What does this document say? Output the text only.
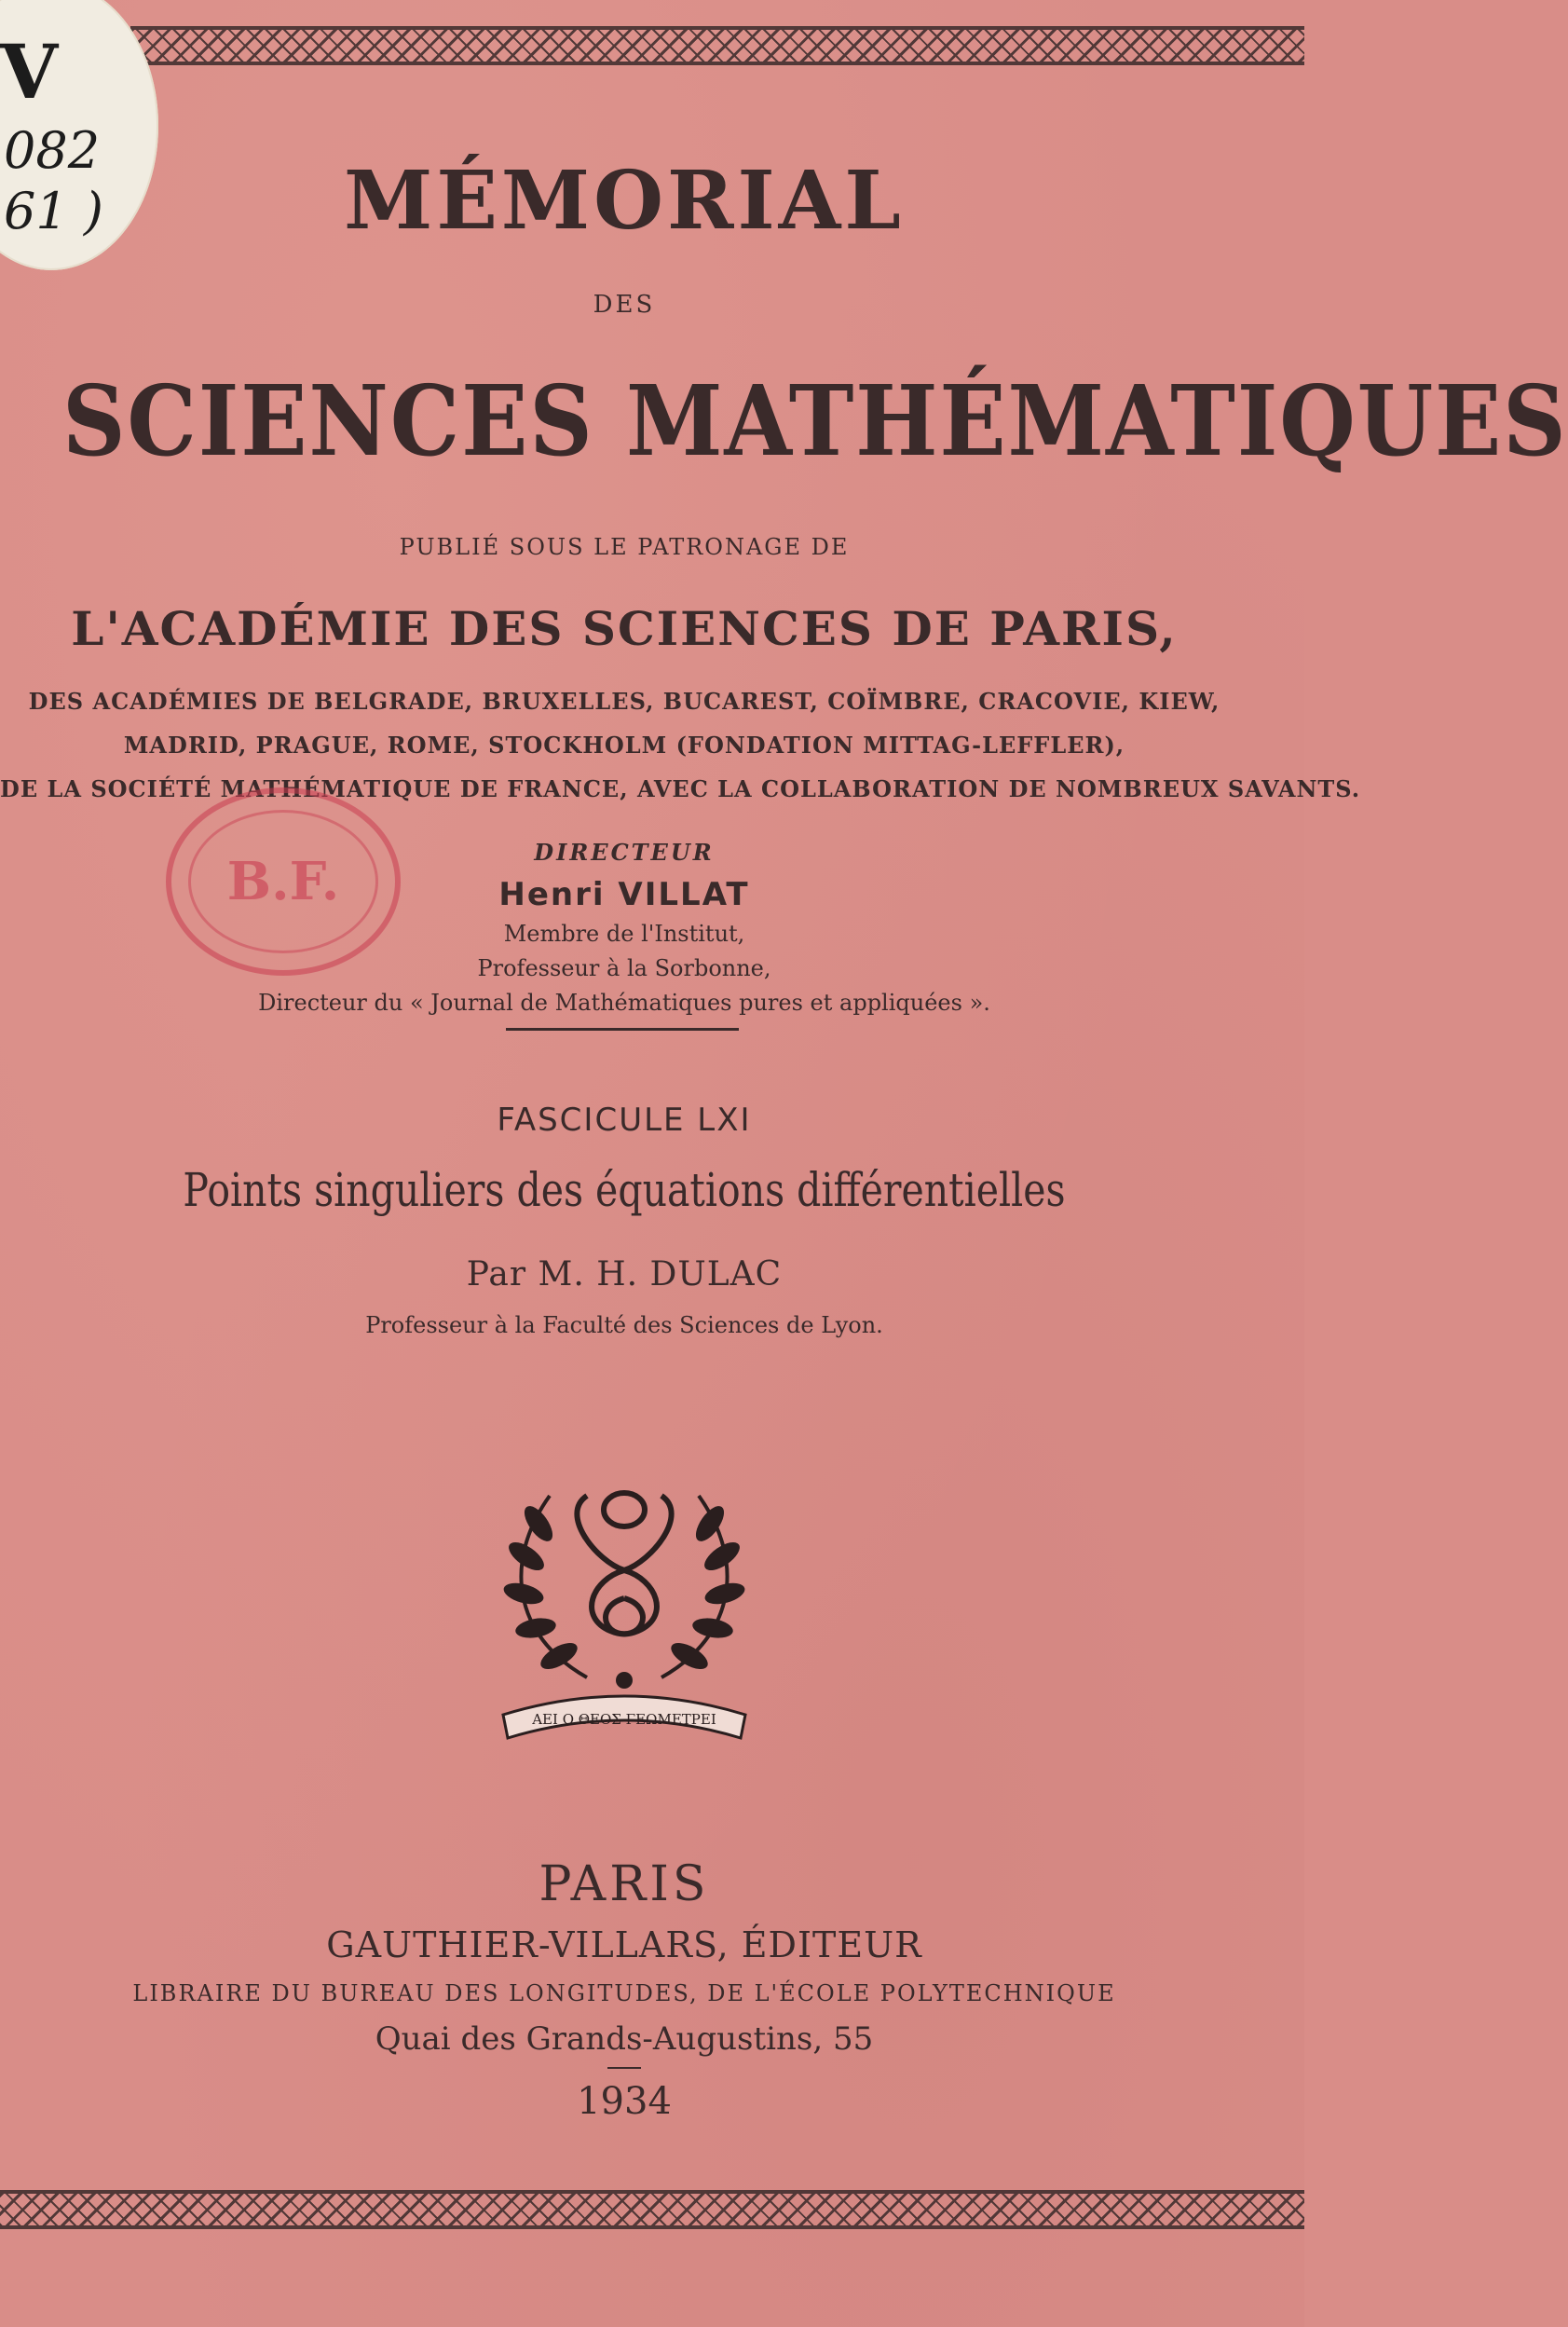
V
082
61 )	MÉMORIAL
DES
SCIENCES MATHÉMATIQUES
PUBLIÉ SOUS LE PATRONAGE DE
L'ACADÉMIE DES SCIENCES DE PARIS,
DES ACADÉMIES DE BELGRADE, BRUXELLES, BUCAREST, COÏMBRE, CRACOVIE, KIEW,
MADRID, PRAGUE, ROME, STOCKHOLM (FONDATION MITTAG-LEFFLER),
DE LA SOCIÉTÉ MATHÉMATIQUE DE FRANCE, AVEC LA COLLABORATION DE NOMBREUX SAVANTS.
B.F.	DIRECTEUR
Henri VILLAT
Membre de l'Institut,
Professeur à la Sorbonne,
Directeur du « Journal de Mathématiques pures et appliquées ».
FASCICULE LXI
Points singuliers des équations différentielles
Par M. H. DULAC
Professeur à la Faculté des Sciences de Lyon.
ΑΕΙ Ο ΘΕΟΣ ΓΕΩΜΕΤΡΕΙ
PARIS
GAUTHIER-VILLARS, ÉDITEUR
LIBRAIRE DU BUREAU DES LONGITUDES, DE L'ÉCOLE POLYTECHNIQUE
Quai des Grands-Augustins, 55
1934
